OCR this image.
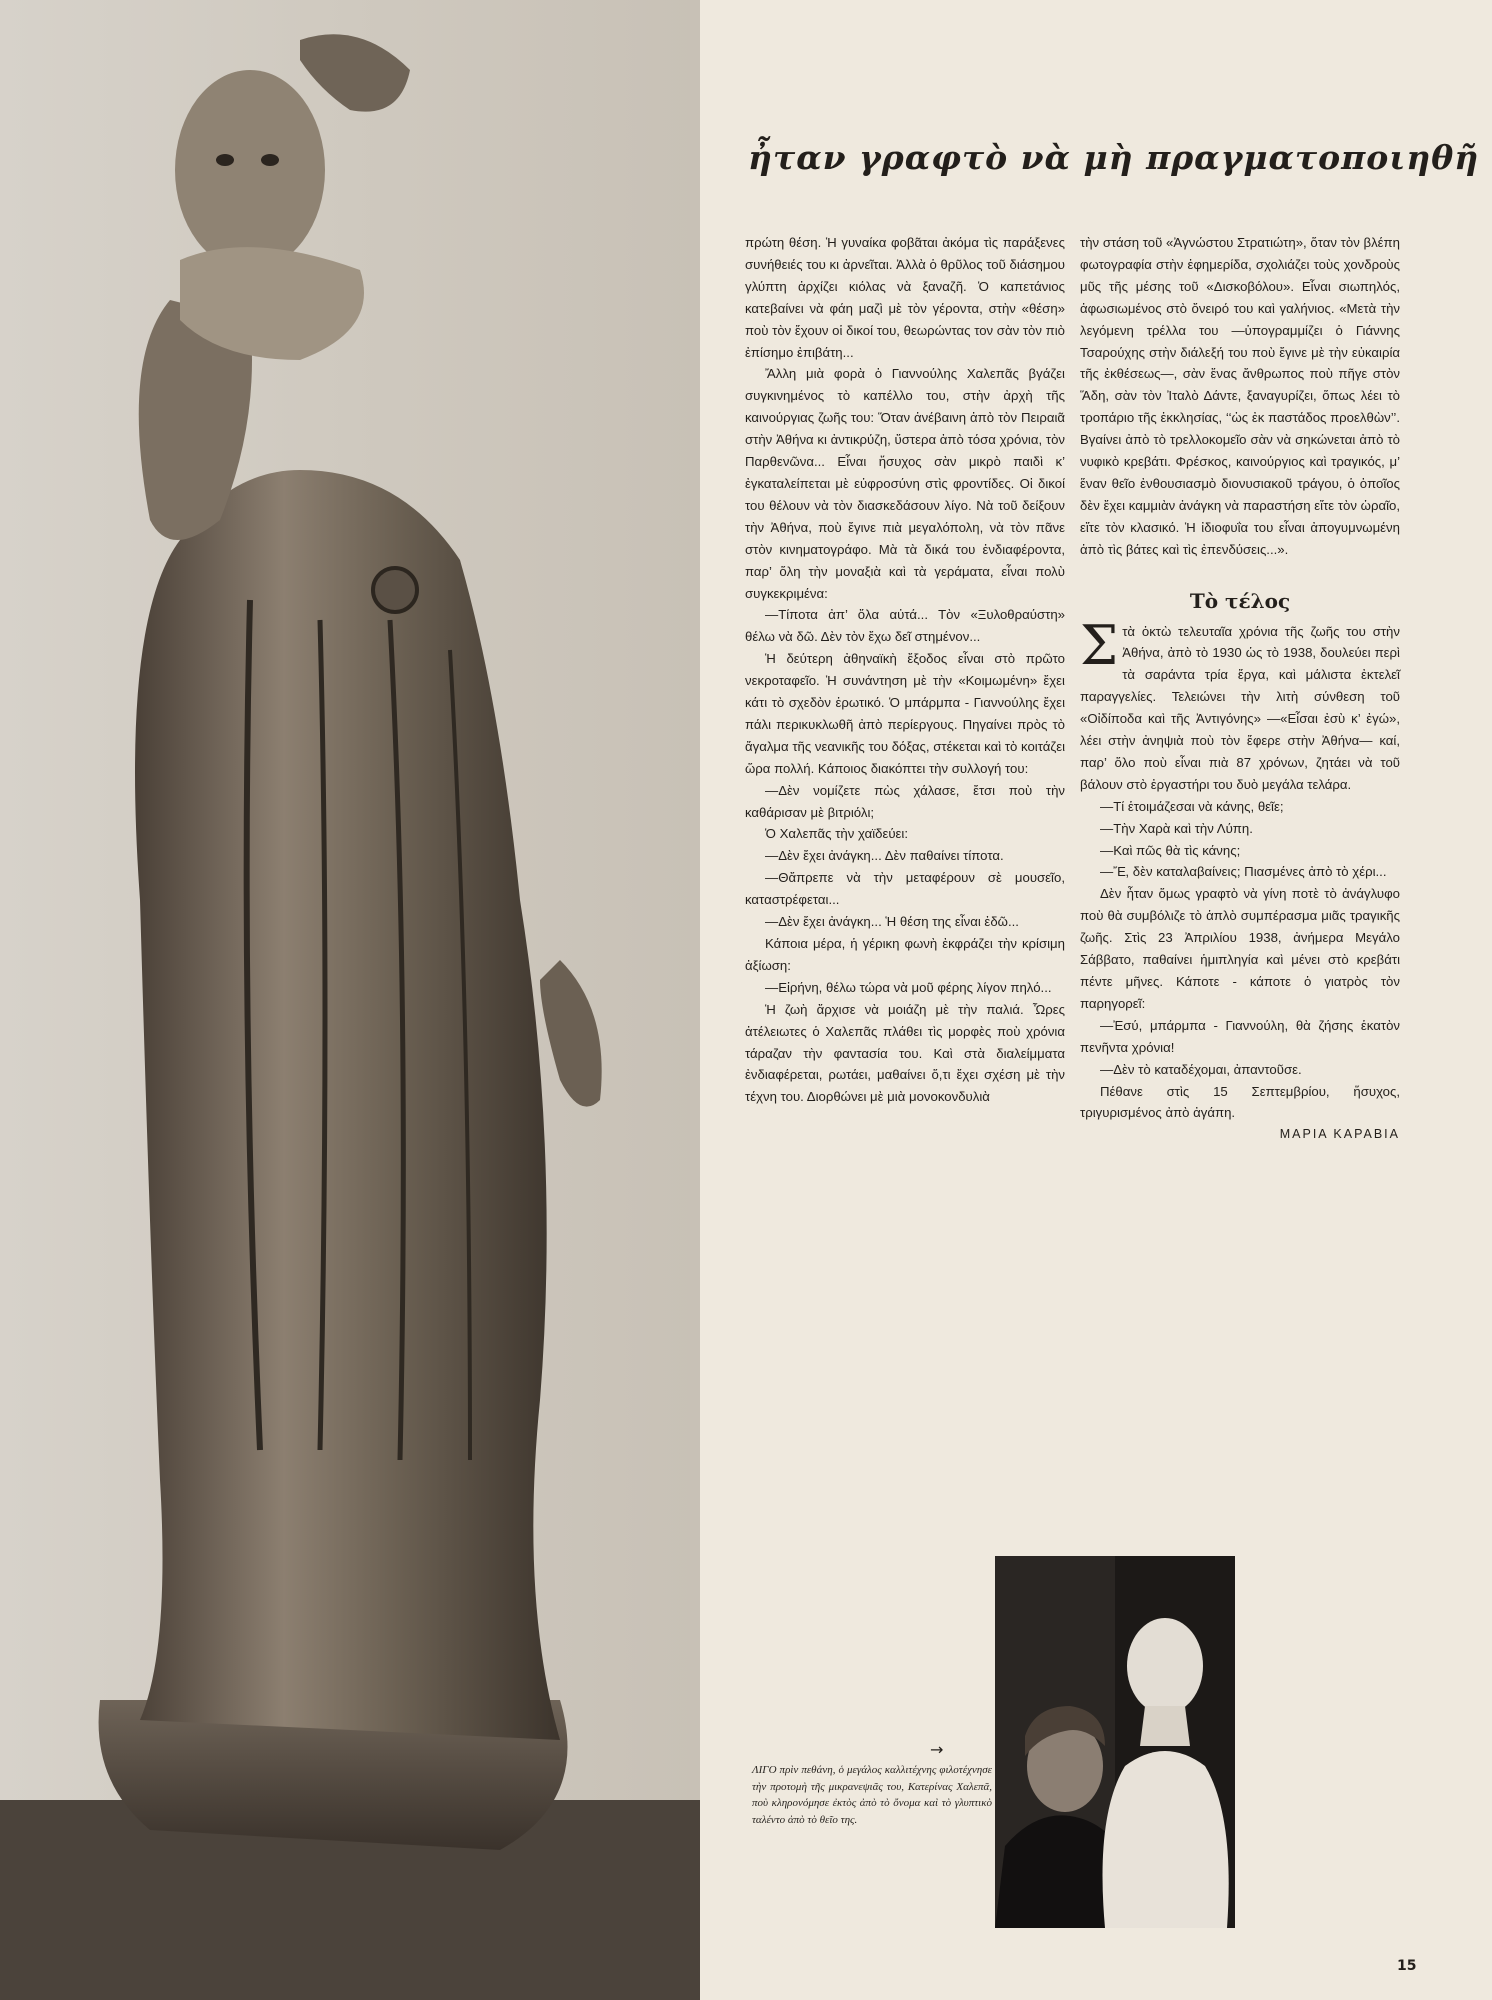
ἦταν γραφτὸ νὰ μὴ πραγματοποιηθῆ

πρώτη θέση. Ἡ γυναίκα φοβᾶται ἀκόμα τὶς παράξενες συνήθειές του κι ἀρνεῖται. Ἀλλὰ ὁ θρῦλος τοῦ διάσημου γλύπτη ἀρχίζει κιόλας νὰ ξαναζῆ. Ὁ καπετάνιος κατεβαίνει νὰ φάη μαζὶ μὲ τὸν γέροντα, στὴν «θέση» ποὺ τὸν ἔχουν οἱ δικοί του, θεωρώντας τον σὰν τὸν πιὸ ἐπίσημο ἐπιβάτη...

Ἄλλη μιὰ φορὰ ὁ Γιαννούλης Χαλεπᾶς βγάζει συγκινημένος τὸ καπέλλο του, στὴν ἀρχὴ τῆς καινούργιας ζωῆς του: Ὅταν ἀνέβαινη ἀπὸ τὸν Πειραιᾶ στὴν Ἀθήνα κι ἀντικρύζη, ὕστερα ἀπὸ τόσα χρόνια, τὸν Παρθενῶνα... Εἶναι ἥσυχος σὰν μικρὸ παιδὶ κ’ ἐγκαταλείπεται μὲ εὐφροσύνη στὶς φροντίδες. Οἱ δικοί του θέλουν νὰ τὸν διασκεδάσουν λίγο. Νὰ τοῦ δείξουν τὴν Ἀθήνα, ποὺ ἔγινε πιὰ μεγαλόπολη, νὰ τὸν πᾶνε στὸν κινηματογράφο. Μὰ τὰ δικά του ἐνδιαφέροντα, παρ’ ὅλη τὴν μοναξιὰ καὶ τὰ γεράματα, εἶναι πολὺ συγκεκριμένα:

—Τίποτα ἀπ’ ὅλα αὐτά... Τὸν «Ξυλοθραύστη» θέλω νὰ δῶ. Δὲν τὸν ἔχω δεῖ στημένον...

Ἡ δεύτερη ἀθηναϊκὴ ἔξοδος εἶναι στὸ πρῶτο νεκροταφεῖο. Ἡ συνάντηση μὲ τὴν «Κοιμωμένη» ἔχει κάτι τὸ σχεδὸν ἐρωτικό. Ὁ μπάρμπα - Γιαννούλης ἔχει πάλι περικυκλωθῆ ἀπὸ περίεργους. Πηγαίνει πρὸς τὸ ἄγαλμα τῆς νεανικῆς του δόξας, στέκεται καὶ τὸ κοιτάζει ὥρα πολλή. Κάποιος διακόπτει τὴν συλλογή του:

—Δὲν νομίζετε πὼς χάλασε, ἔτσι ποὺ τὴν καθάρισαν μὲ βιτριόλι;

Ὁ Χαλεπᾶς τὴν χαϊδεύει:

—Δὲν ἔχει ἀνάγκη... Δὲν παθαίνει τίποτα.

—Θἄπρεπε νὰ τὴν μεταφέρουν σὲ μουσεῖο, καταστρέφεται...

—Δὲν ἔχει ἀνάγκη... Ἡ θέση της εἶναι ἐδῶ...

Κάποια μέρα, ἡ γέρικη φωνὴ ἐκφράζει τὴν κρίσιμη ἀξίωση:

—Εἰρήνη, θέλω τώρα νὰ μοῦ φέρης λίγον πηλό...

Ἡ ζωὴ ἄρχισε νὰ μοιάζη μὲ τὴν παλιά. Ὧρες ἀτέλειωτες ὁ Χαλεπᾶς πλάθει τὶς μορφὲς ποὺ χρόνια τάραζαν τὴν φαντασία του. Καὶ στὰ διαλείμματα ἐνδιαφέρεται, ρωτάει, μαθαίνει ὅ,τι ἔχει σχέση μὲ τὴν τέχνη του. Διορθώνει μὲ μιὰ μονοκονδυλιὰ

τὴν στάση τοῦ «Ἀγνώστου Στρατιώτη», ὅταν τὸν βλέπη φωτογραφία στὴν ἐφημερίδα, σχολιάζει τοὺς χονδροὺς μῦς τῆς μέσης τοῦ «Δισκοβόλου». Εἶναι σιωπηλός, ἀφωσιωμένος στὸ ὄνειρό του καὶ γαλήνιος. «Μετὰ τὴν λεγόμενη τρέλλα του —ὑπογραμμίζει ὁ Γιάννης Τσαρούχης στὴν διάλεξή του ποὺ ἔγινε μὲ τὴν εὐκαιρία τῆς ἐκθέσεως—, σὰν ἕνας ἄνθρωπος ποὺ πῆγε στὸν Ἅδη, σὰν τὸν Ἰταλὸ Δάντε, ξαναγυρίζει, ὅπως λέει τὸ τροπάριο τῆς ἐκκλησίας, ‘‘ὡς ἐκ παστάδος προελθὼν’’. Βγαίνει ἀπὸ τὸ τρελλοκομεῖο σὰν νὰ σηκώνεται ἀπὸ τὸ νυφικὸ κρεβάτι. Φρέσκος, καινούργιος καὶ τραγικός, μ’ ἕναν θεῖο ἐνθουσιασμὸ διονυσιακοῦ τράγου, ὁ ὁποῖος δὲν ἔχει καμμιὰν ἀνάγκη νὰ παραστήση εἴτε τὸν ὡραῖο, εἴτε τὸν κλασικό. Ἡ ἰδιοφυΐα του εἶναι ἀπογυμνωμένη ἀπὸ τὶς βάτες καὶ τὶς ἐπενδύσεις...».

Τὸ τέλος

Στὰ ὀκτὼ τελευταῖα χρόνια τῆς ζωῆς του στὴν Ἀθήνα, ἀπὸ τὸ 1930 ὡς τὸ 1938, δουλεύει περὶ τὰ σαράντα τρία ἔργα, καὶ μάλιστα ἐκτελεῖ παραγγελίες. Τελειώνει τὴν λιτὴ σύνθεση τοῦ «Οἰδίποδα καὶ τῆς Ἀντιγόνης» —«Εἶσαι ἐσὺ κ’ ἐγώ», λέει στὴν ἀνηψιὰ ποὺ τὸν ἔφερε στὴν Ἀθήνα— καί, παρ’ ὅλο ποὺ εἶναι πιὰ 87 χρόνων, ζητάει νὰ τοῦ βάλουν στὸ ἐργαστήρι του δυὸ μεγάλα τελάρα.

—Τί ἑτοιμάζεσαι νὰ κάνης, θεῖε;

—Τὴν Χαρὰ καὶ τὴν Λύπη.

—Καὶ πῶς θὰ τὶς κάνης;

—Ἔ, δὲν καταλαβαίνεις; Πιασμένες ἀπὸ τὸ χέρι...

Δὲν ἦταν ὅμως γραφτὸ νὰ γίνη ποτὲ τὸ ἀνάγλυφο ποὺ θὰ συμβόλιζε τὸ ἁπλὸ συμπέρασμα μιᾶς τραγικῆς ζωῆς. Στὶς 23 Ἀπριλίου 1938, ἀνήμερα Μεγάλο Σάββατο, παθαίνει ἡμιπληγία καὶ μένει στὸ κρεβάτι πέντε μῆνες. Κάποτε - κάποτε ὁ γιατρὸς τὸν παρηγορεῖ:

—Ἐσύ, μπάρμπα - Γιαννούλη, θὰ ζήσης ἑκατὸν πενῆντα χρόνια!

—Δὲν τὸ καταδέχομαι, ἀπαντοῦσε.

Πέθανε στὶς 15 Σεπτεμβρίου, ἥσυχος, τριγυρισμένος ἀπὸ ἀγάπη.

ΜΑΡΙΑ ΚΑΡΑΒΙΑ

→

ΛΙΓΟ πρὶν πεθάνη, ὁ μεγάλος καλλιτέχνης φιλοτέχνησε τὴν προτομὴ τῆς μικρανεψιᾶς του, Κατερίνας Χαλεπᾶ, ποὺ κληρονόμησε ἐκτὸς ἀπὸ τὸ ὄνομα καὶ τὸ γλυπτικὸ ταλέντο ἀπὸ τὸ θεῖο της.

15
